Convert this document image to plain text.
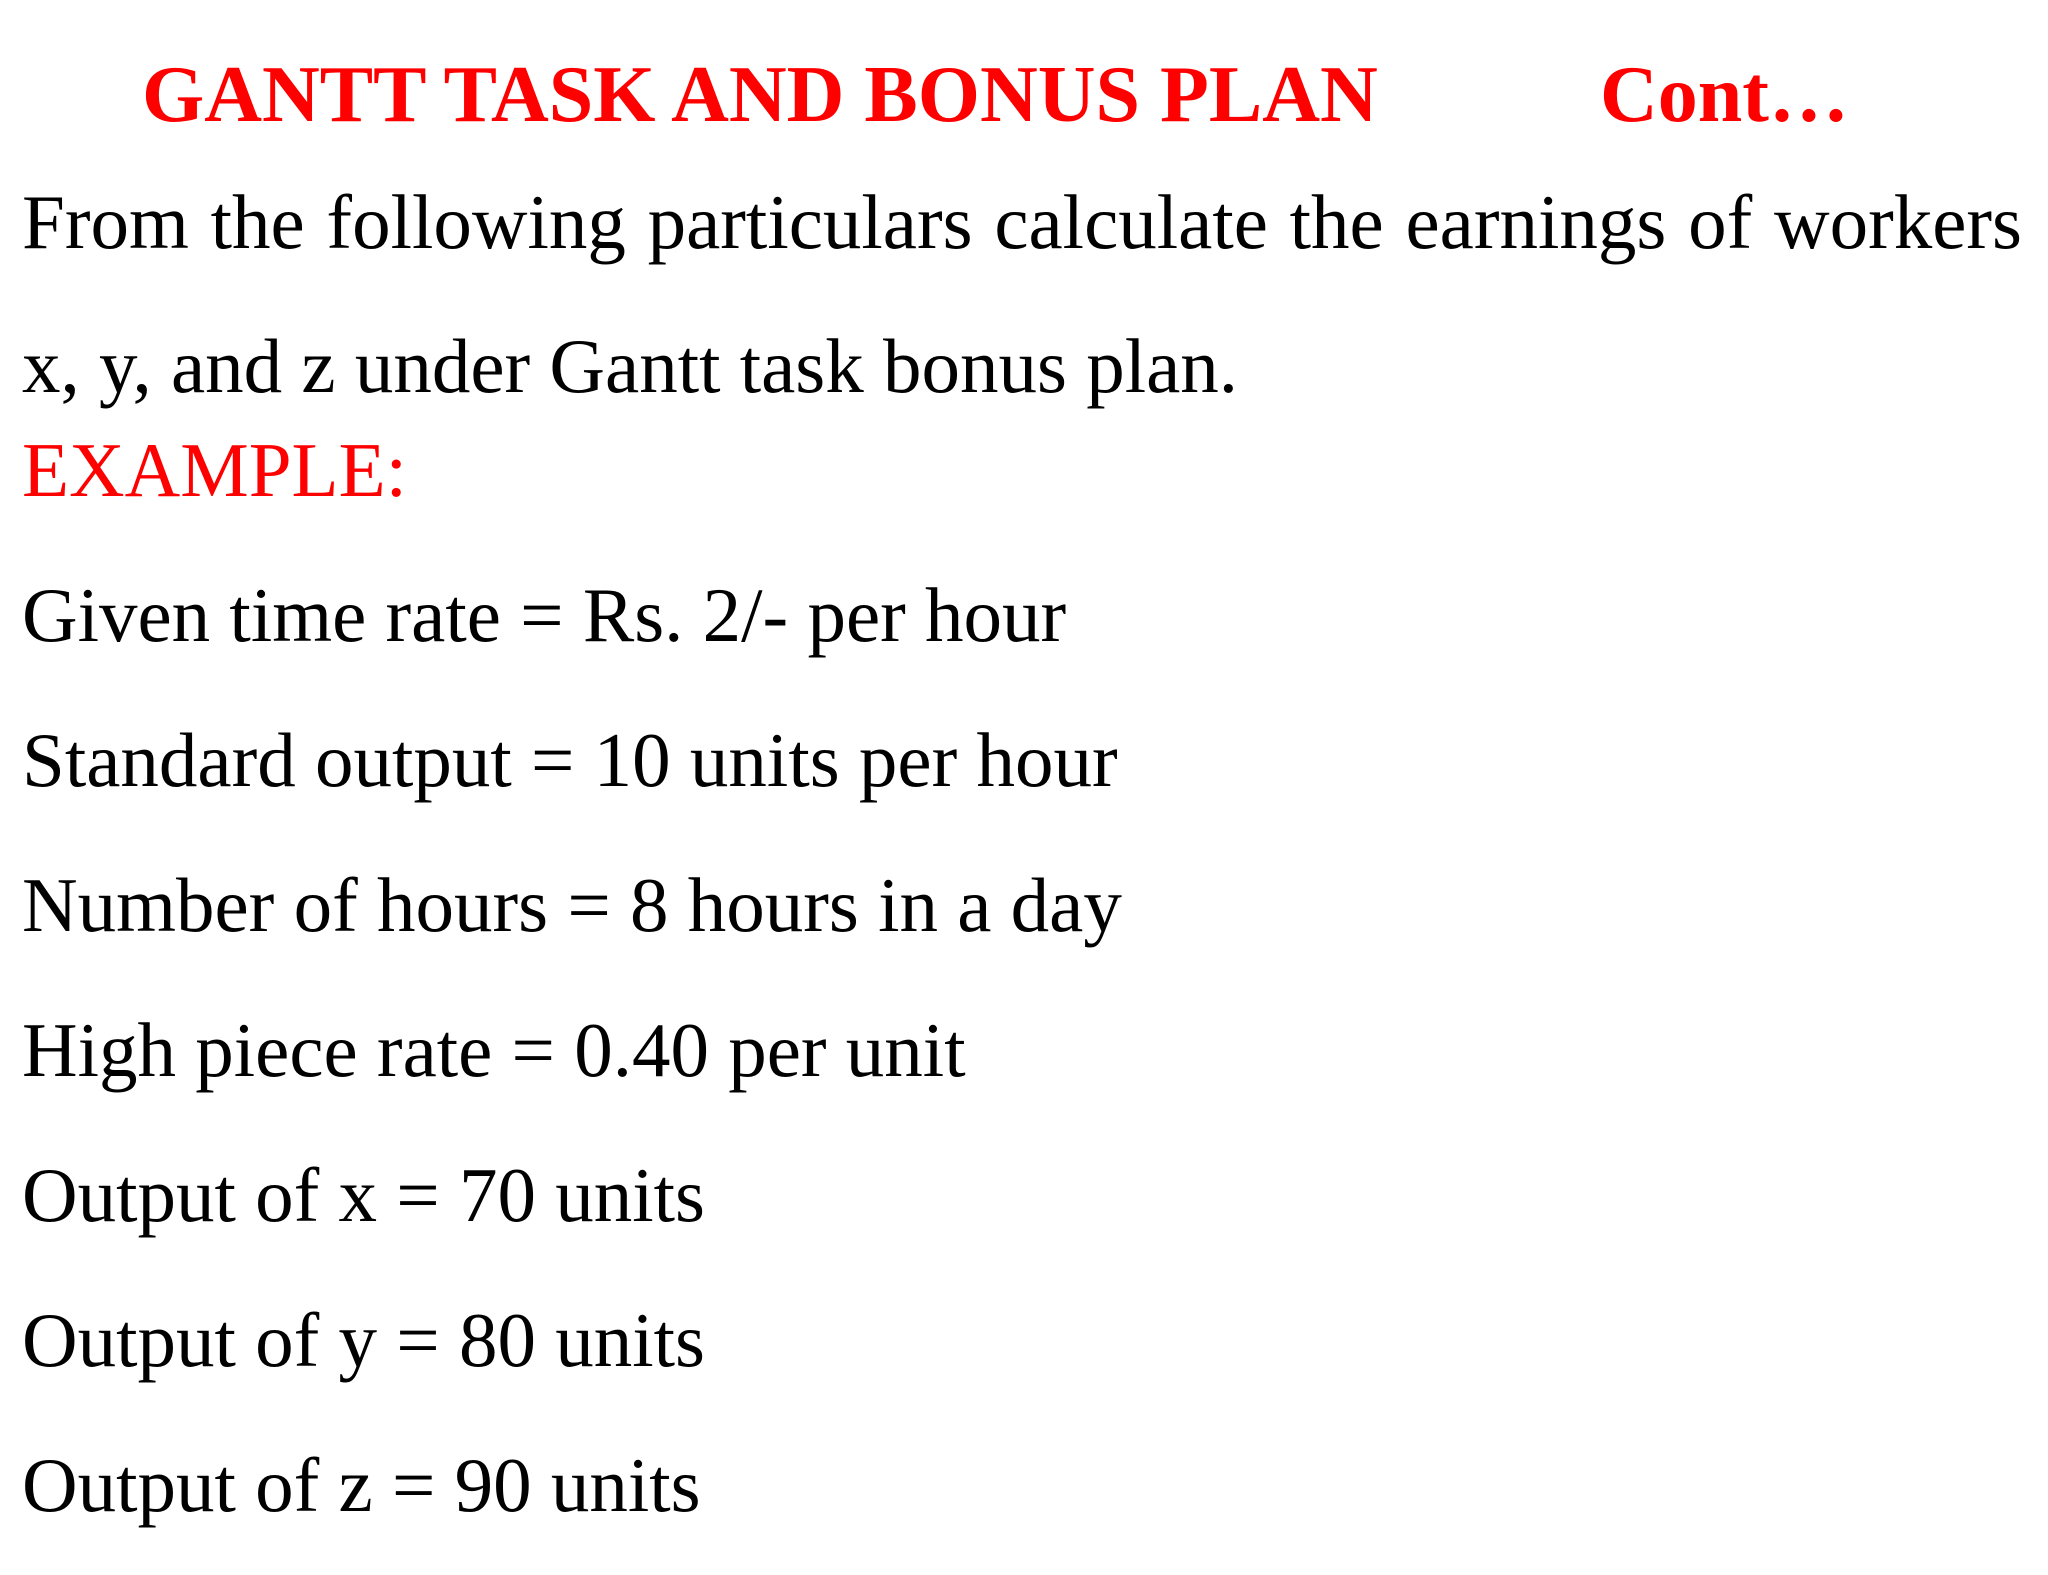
GANTT TASK AND BONUS PLAN	Cont…
From the following particulars calculate the earnings of workers x, y, and z under Gantt task bonus plan.
EXAMPLE:
Given time rate = Rs. 2/- per hour
Standard output = 10 units per hour
Number of hours = 8 hours in a day
High piece rate = 0.40 per unit
Output of x = 70 units
Output of y = 80 units
Output of z = 90 units
